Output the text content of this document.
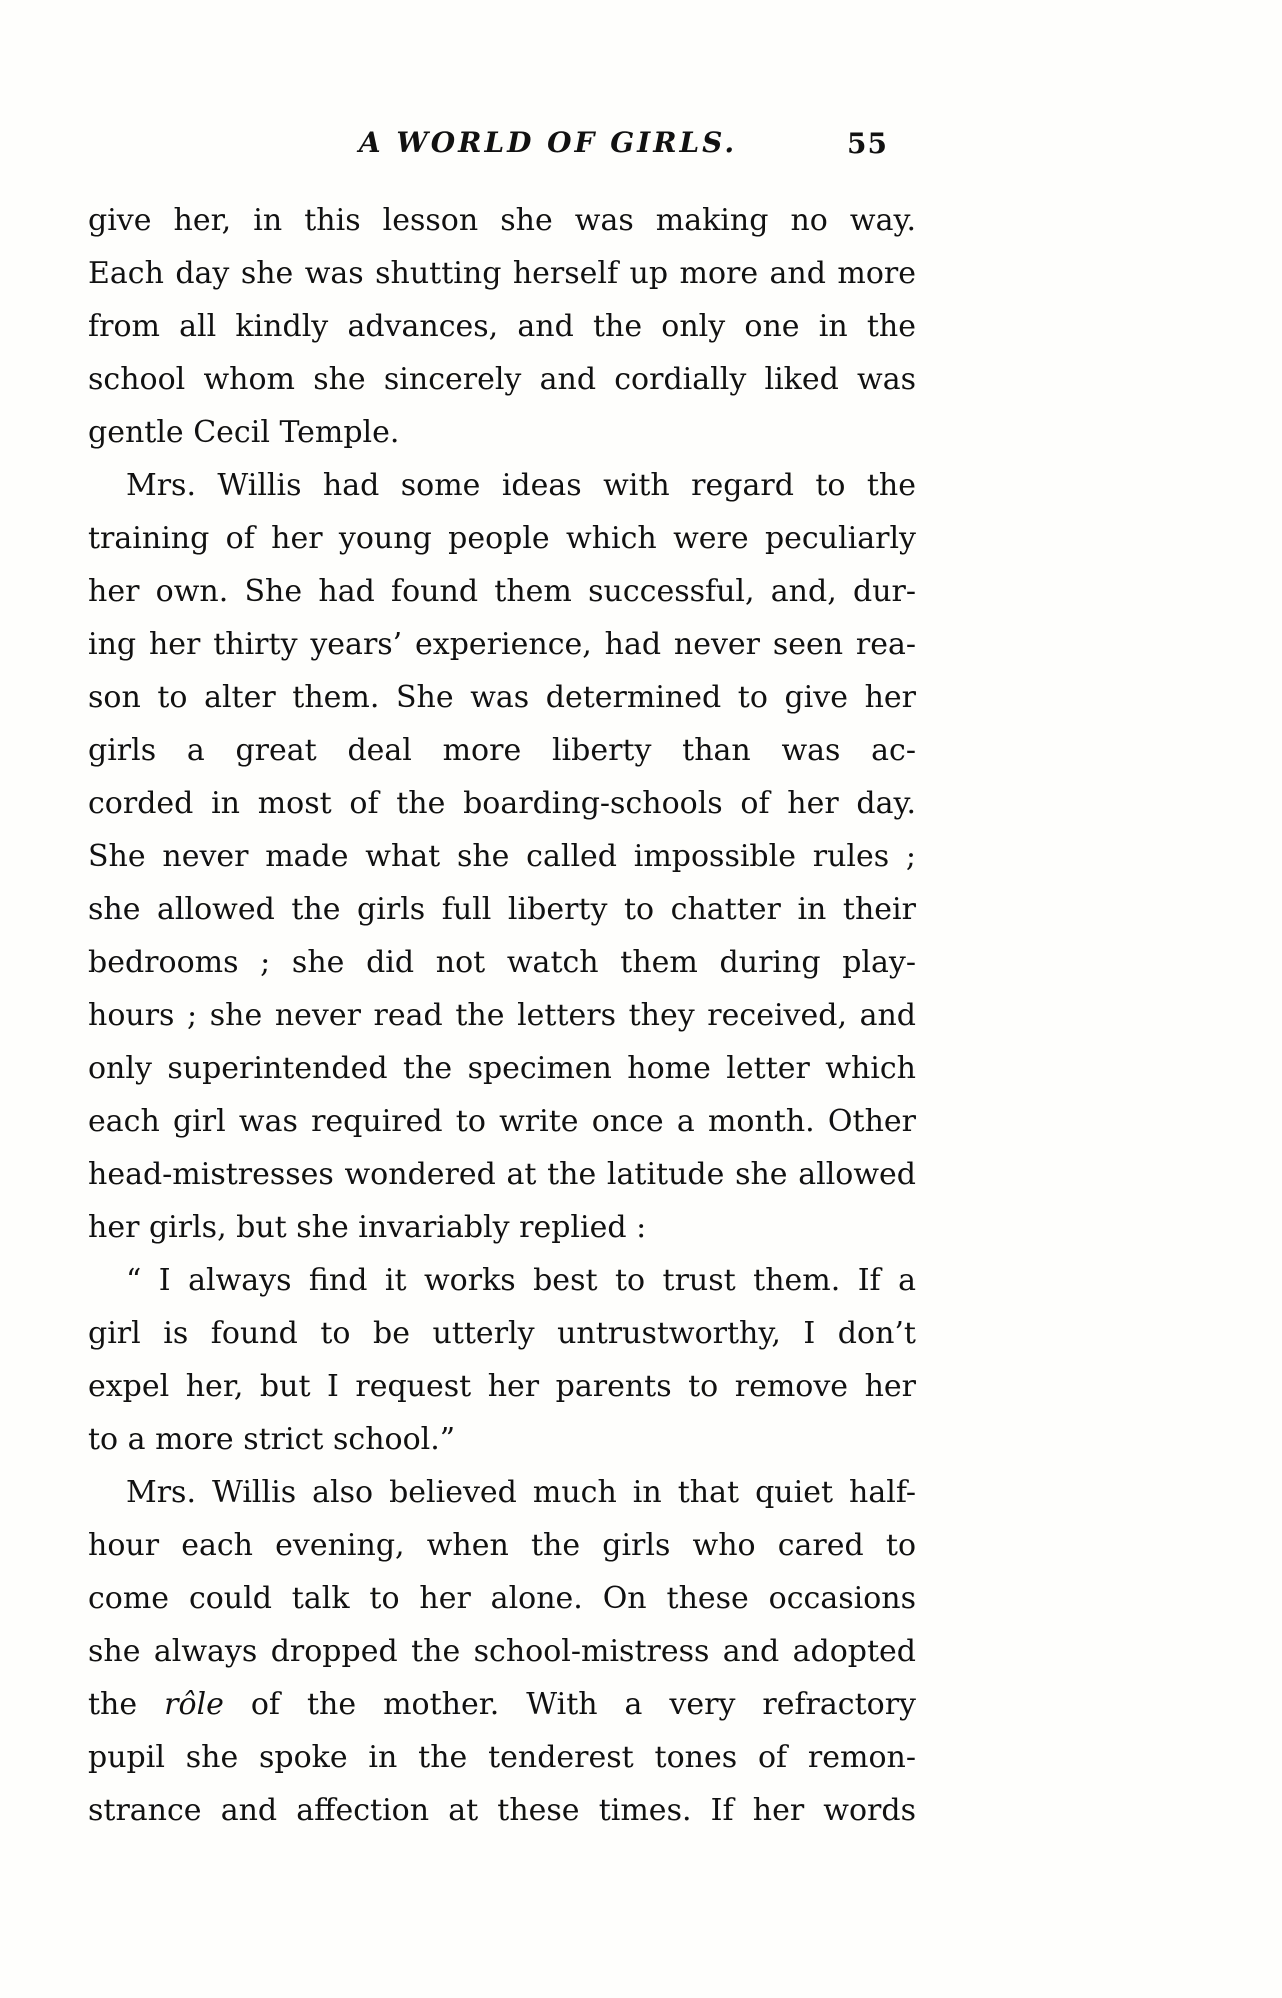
A WORLD OF GIRLS.	55
give her, in this lesson she was making no way.
Each day she was shutting herself up more and more
from all kindly advances, and the only one in the
school whom she sincerely and cordially liked was
gentle Cecil Temple.
Mrs. Willis had some ideas with regard to the
training of her young people which were peculiarly
her own. She had found them successful, and, dur-
ing her thirty years’ experience, had never seen rea-
son to alter them. She was determined to give her
girls a great deal more liberty than was ac-
corded in most of the boarding-schools of her day.
She never made what she called impossible rules ;
she allowed the girls full liberty to chatter in their
bedrooms ; she did not watch them during play-
hours ; she never read the letters they received, and
only superintended the specimen home letter which
each girl was required to write once a month. Other
head-mistresses wondered at the latitude she allowed
her girls, but she invariably replied :
“ I always find it works best to trust them. If a
girl is found to be utterly untrustworthy, I don’t
expel her, but I request her parents to remove her
to a more strict school.”
Mrs. Willis also believed much in that quiet half-
hour each evening, when the girls who cared to
come could talk to her alone. On these occasions
she always dropped the school-mistress and adopted
the rôle of the mother. With a very refractory
pupil she spoke in the tenderest tones of remon-
strance and affection at these times. If her words
